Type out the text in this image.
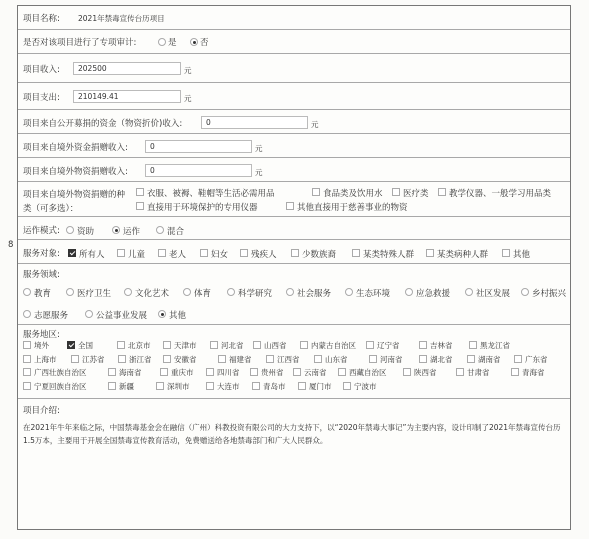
8
项目名称: 2021年禁毒宣传台历项目
是否对该项目进行了专项审计:	是	否
项目收入:	202500	元
项目支出:	210149.41	元
项目来自公开募捐的资金（物资折价)收入:	0	元
项目来自境外资金捐赠收入:	0	元
项目来自境外物资捐赠收入:	0	元
项目来自境外物资捐赠的种
类（可多选）：
衣服、被褥、鞋帽等生活必需用品	食品类及饮用水 医疗类 教学仪器、一般学习用品类
直接用于环境保护的专用仪器	其他直接用于慈善事业的物资
运作模式: 资助	运作	混合
服务对象: 所有人	儿童	老人	妇女	残疾人	少数族裔	某类特殊人群	某类病种人群	其他
服务领域:
教育	医疗卫生	文化艺术	体育	科学研究	社会服务	生态环境	应急救援	社区发展	乡村振兴
志愿服务	公益事业发展	其他
服务地区:
境外	全国	北京市	天津市	河北省	山西省	内蒙古自治区	辽宁省	吉林省	黑龙江省
上海市	江苏省	浙江省	安徽省	福建省	江西省	山东省	河南省	湖北省	湖南省	广东省
广西壮族自治区	海南省	重庆市	四川省	贵州省	云南省	西藏自治区	陕西省	甘肃省	青海省
宁夏回族自治区	新疆	深圳市	大连市	青岛市	厦门市	宁波市
项目介绍:
在2021年牛年来临之际，中国禁毒基金会在融信（广州）科教投资有限公司的大力支持下，以“2020年禁毒大事记”为主要内容，设计印制了2021年禁毒宣传台历1.5万本，主要用于开展全国禁毒宣传教育活动，免费赠送给各地禁毒部门和广大人民群众。
